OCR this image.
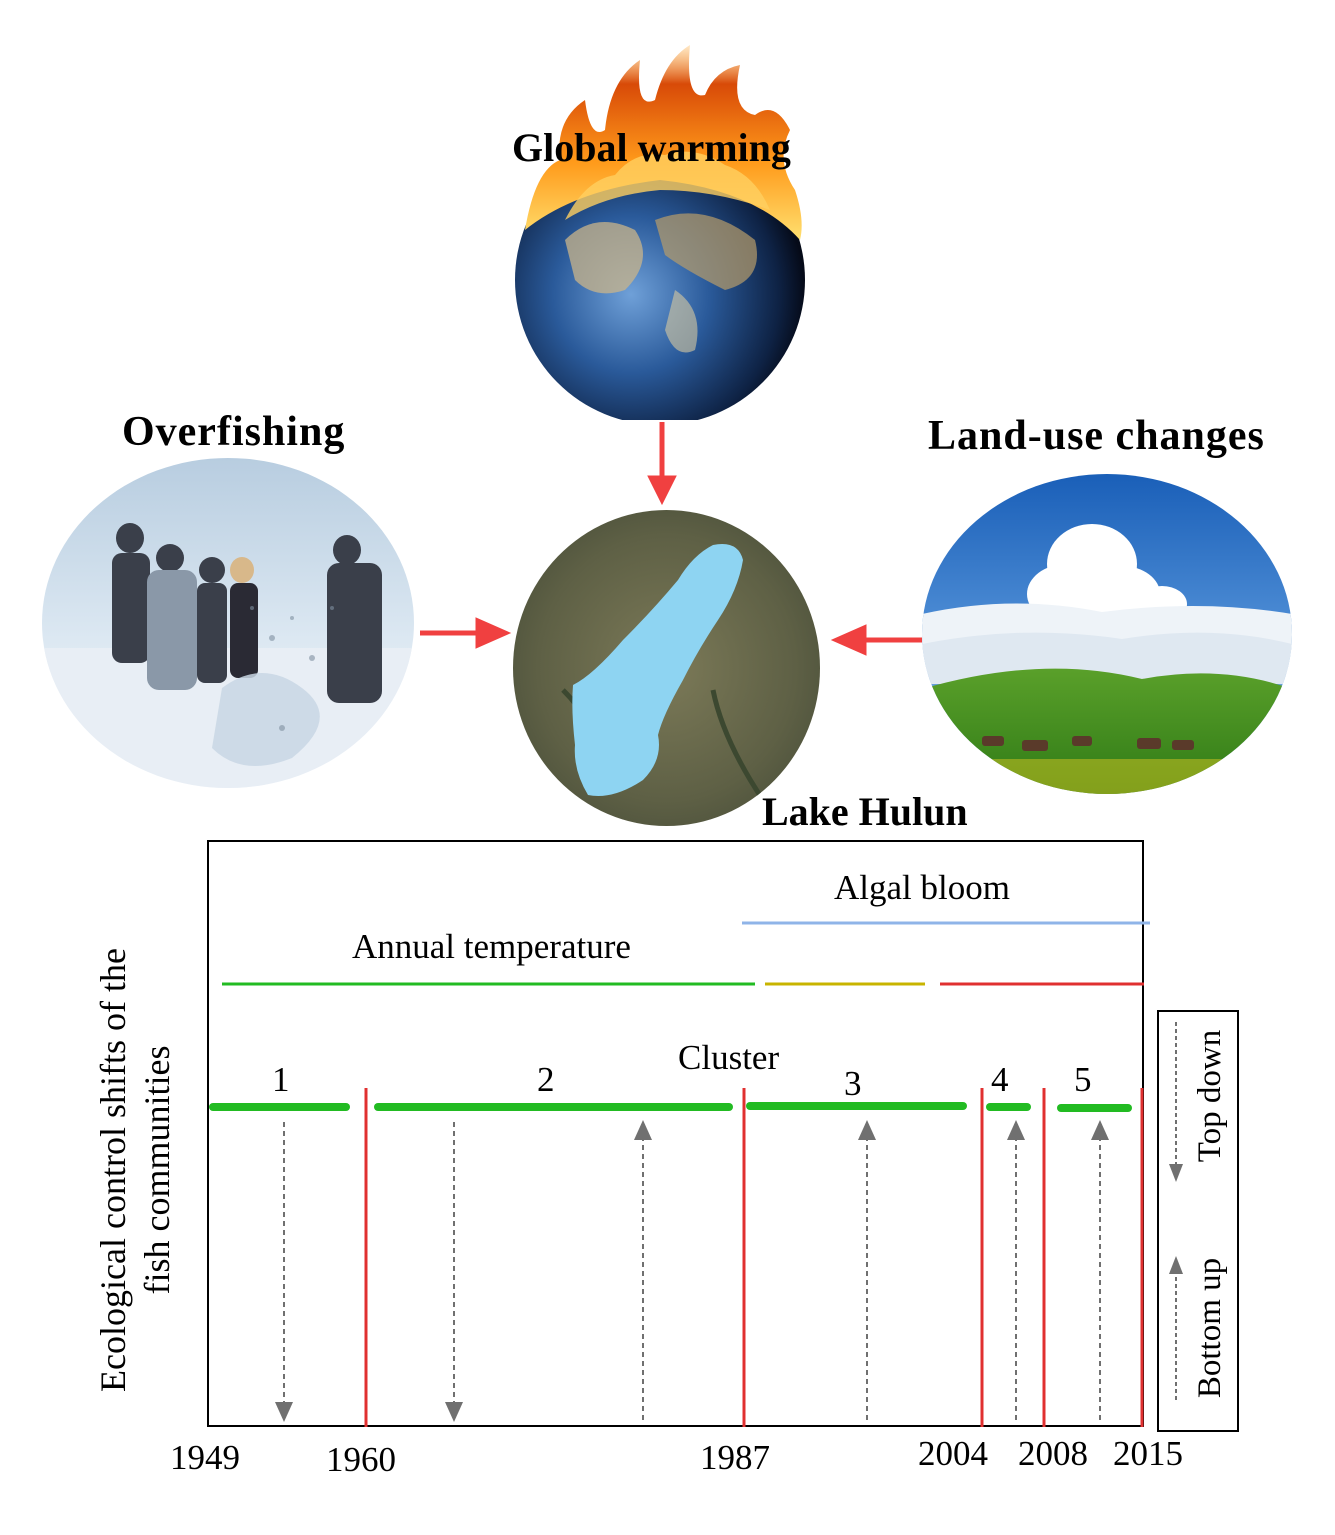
Global warming
Overfishing	Land-use changes
Lake Hulun
Ecological control shifts of the fish communities
Algal bloom
Annual temperature
Cluster
1	2	3	4 5
1949 1960	1987	2004 2008 2015
Top down
Bottom up
